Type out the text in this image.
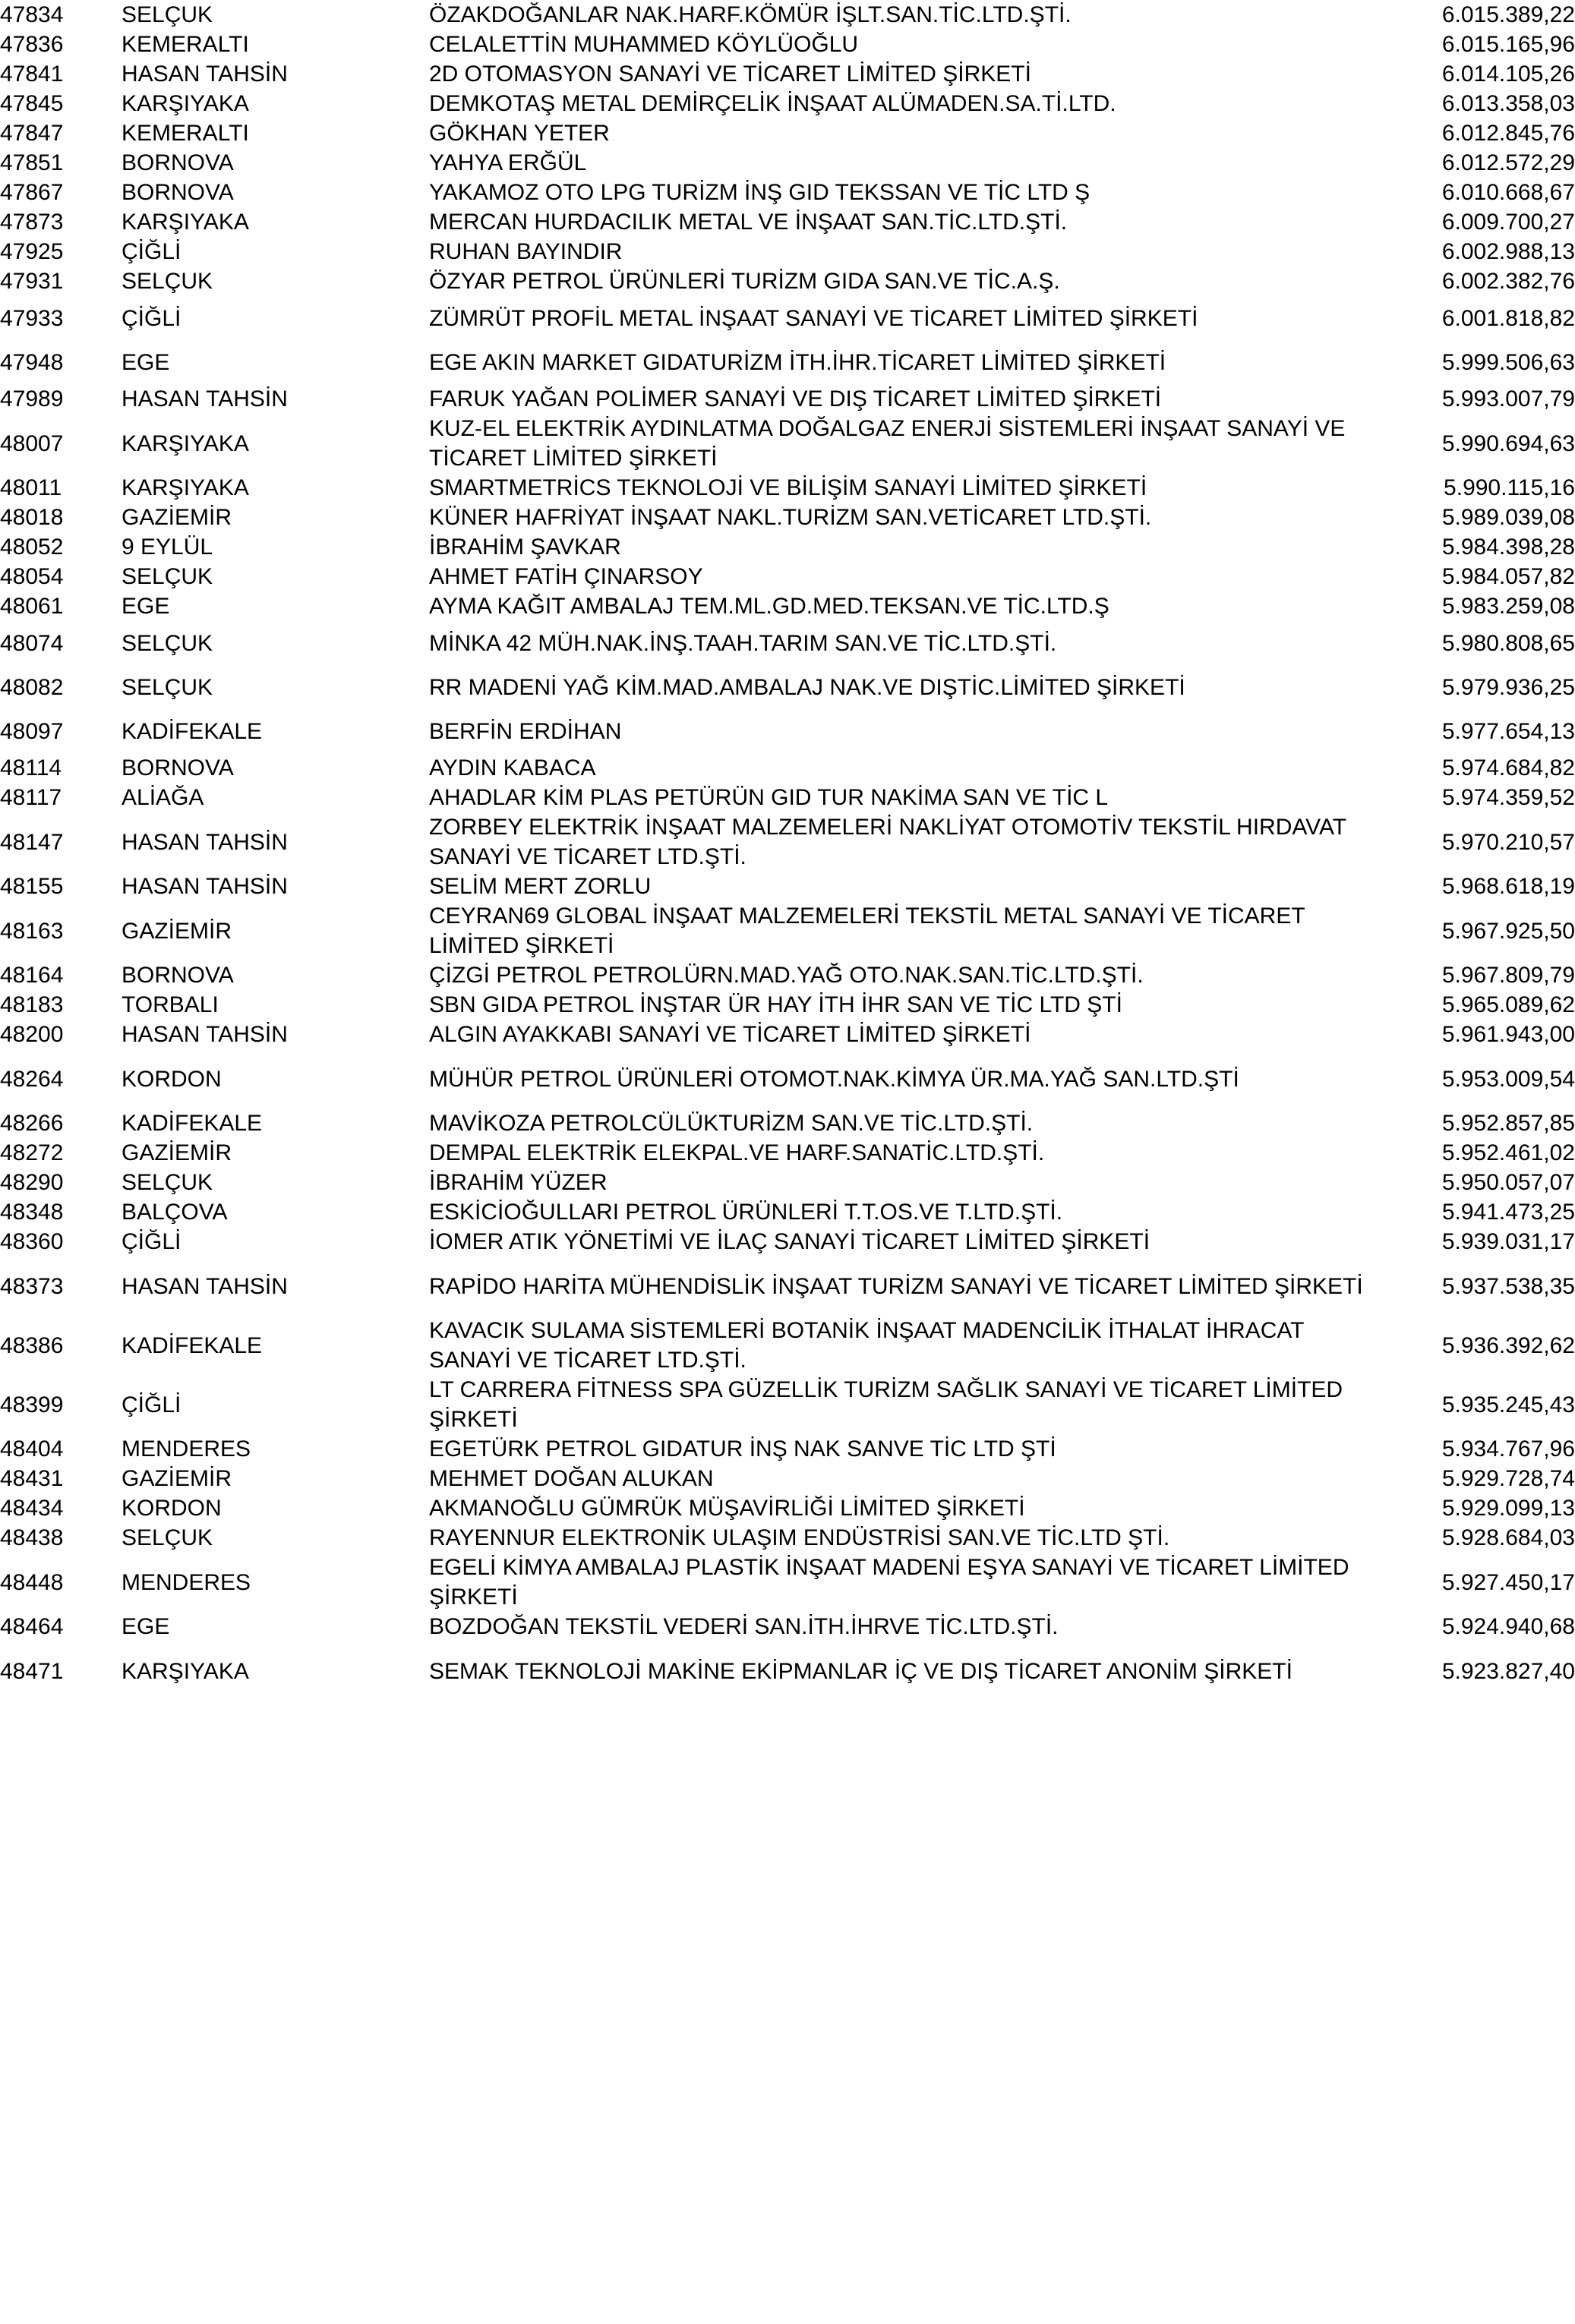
47834	SELÇUK	ÖZAKDOĞANLAR NAK.HARF.KÖMÜR İŞLT.SAN.TİC.LTD.ŞTİ.	6.015.389,22
47836	KEMERALTI	CELALETTİN MUHAMMED KÖYLÜOĞLU	6.015.165,96
47841	HASAN TAHSİN	2D OTOMASYON SANAYİ VE TİCARET LİMİTED ŞİRKETİ	6.014.105,26
47845	KARŞIYAKA	DEMKOTAŞ METAL DEMİRÇELİK İNŞAAT ALÜMADEN.SA.Tİ.LTD.	6.013.358,03
47847	KEMERALTI	GÖKHAN YETER	6.012.845,76
47851	BORNOVA	YAHYA ERĞÜL	6.012.572,29
47867	BORNOVA	YAKAMOZ OTO LPG TURİZM İNŞ GID TEKSSAN VE TİC LTD Ş	6.010.668,67
47873	KARŞIYAKA	MERCAN HURDACILIK METAL VE İNŞAAT SAN.TİC.LTD.ŞTİ.	6.009.700,27
47925	ÇİĞLİ	RUHAN BAYINDIR	6.002.988,13
47931	SELÇUK	ÖZYAR PETROL ÜRÜNLERİ TURİZM GIDA SAN.VE TİC.A.Ş.	6.002.382,76
47933	ÇİĞLİ	ZÜMRÜT PROFİL METAL İNŞAAT SANAYİ VE TİCARET LİMİTED ŞİRKETİ	6.001.818,82
47948	EGE	EGE AKIN MARKET GIDATURİZM İTH.İHR.TİCARET LİMİTED ŞİRKETİ	5.999.506,63
47989	HASAN TAHSİN	FARUK YAĞAN POLİMER SANAYİ VE DIŞ TİCARET LİMİTED ŞİRKETİ	5.993.007,79
48007	KARŞIYAKA	KUZ-EL ELEKTRİK AYDINLATMA DOĞALGAZ ENERJİ SİSTEMLERİ İNŞAAT SANAYİ VE TİCARET LİMİTED ŞİRKETİ	5.990.694,63
48011	KARŞIYAKA	SMARTMETRİCS TEKNOLOJİ VE BİLİŞİM SANAYİ LİMİTED ŞİRKETİ	5.990.115,16
48018	GAZİEMİR	KÜNER HAFRİYAT İNŞAAT NAKL.TURİZM SAN.VETİCARET LTD.ŞTİ.	5.989.039,08
48052	9 EYLÜL	İBRAHİM ŞAVKAR	5.984.398,28
48054	SELÇUK	AHMET FATİH ÇINARSOY	5.984.057,82
48061	EGE	AYMA KAĞIT AMBALAJ TEM.ML.GD.MED.TEKSAN.VE TİC.LTD.Ş	5.983.259,08
48074	SELÇUK	MİNKA 42 MÜH.NAK.İNŞ.TAAH.TARIM SAN.VE TİC.LTD.ŞTİ.	5.980.808,65
48082	SELÇUK	RR MADENİ YAĞ KİM.MAD.AMBALAJ NAK.VE DIŞTİC.LİMİTED ŞİRKETİ	5.979.936,25
48097	KADİFEKALE	BERFİN ERDİHAN	5.977.654,13
48114	BORNOVA	AYDIN KABACA	5.974.684,82
48117	ALİAĞA	AHADLAR KİM PLAS PETÜRÜN GID TUR NAKİMA SAN VE TİC L	5.974.359,52
48147	HASAN TAHSİN	ZORBEY ELEKTRİK İNŞAAT MALZEMELERİ NAKLİYAT OTOMOTİV TEKSTİL HIRDAVAT SANAYİ VE TİCARET LTD.ŞTİ.	5.970.210,57
48155	HASAN TAHSİN	SELİM MERT ZORLU	5.968.618,19
48163	GAZİEMİR	CEYRAN69 GLOBAL İNŞAAT MALZEMELERİ TEKSTİL METAL SANAYİ VE TİCARET LİMİTED ŞİRKETİ	5.967.925,50
48164	BORNOVA	ÇİZGİ PETROL PETROLÜRN.MAD.YAĞ OTO.NAK.SAN.TİC.LTD.ŞTİ.	5.967.809,79
48183	TORBALI	SBN GIDA PETROL İNŞTAR ÜR HAY İTH İHR SAN VE TİC LTD ŞTİ	5.965.089,62
48200	HASAN TAHSİN	ALGIN AYAKKABI SANAYİ VE TİCARET LİMİTED ŞİRKETİ	5.961.943,00
48264	KORDON	MÜHÜR PETROL ÜRÜNLERİ OTOMOT.NAK.KİMYA ÜR.MA.YAĞ SAN.LTD.ŞTİ	5.953.009,54
48266	KADİFEKALE	MAVİKOZA PETROLCÜLÜKTURİZM SAN.VE TİC.LTD.ŞTİ.	5.952.857,85
48272	GAZİEMİR	DEMPAL ELEKTRİK ELEKPAL.VE HARF.SANATİC.LTD.ŞTİ.	5.952.461,02
48290	SELÇUK	İBRAHİM YÜZER	5.950.057,07
48348	BALÇOVA	ESKİCİOĞULLARI PETROL ÜRÜNLERİ T.T.OS.VE T.LTD.ŞTİ.	5.941.473,25
48360	ÇİĞLİ	İOMER ATIK YÖNETİMİ VE İLAÇ SANAYİ TİCARET LİMİTED ŞİRKETİ	5.939.031,17
48373	HASAN TAHSİN	RAPİDO HARİTA MÜHENDİSLİK İNŞAAT TURİZM SANAYİ VE TİCARET LİMİTED ŞİRKETİ	5.937.538,35
48386	KADİFEKALE	KAVACIK SULAMA SİSTEMLERİ BOTANİK İNŞAAT MADENCİLİK İTHALAT İHRACAT SANAYİ VE TİCARET LTD.ŞTİ.	5.936.392,62
48399	ÇİĞLİ	LT CARRERA FİTNESS SPA GÜZELLİK TURİZM SAĞLIK SANAYİ VE TİCARET LİMİTED ŞİRKETİ	5.935.245,43
48404	MENDERES	EGETÜRK PETROL GIDATUR İNŞ NAK SANVE TİC LTD ŞTİ	5.934.767,96
48431	GAZİEMİR	MEHMET DOĞAN ALUKAN	5.929.728,74
48434	KORDON	AKMANOĞLU GÜMRÜK MÜŞAVİRLİĞİ LİMİTED ŞİRKETİ	5.929.099,13
48438	SELÇUK	RAYENNUR ELEKTRONİK ULAŞIM ENDÜSTRİSİ SAN.VE TİC.LTD ŞTİ.	5.928.684,03
48448	MENDERES	EGELİ KİMYA AMBALAJ PLASTİK İNŞAAT MADENİ EŞYA SANAYİ VE TİCARET LİMİTED ŞİRKETİ	5.927.450,17
48464	EGE	BOZDOĞAN TEKSTİL VEDERİ SAN.İTH.İHRVE TİC.LTD.ŞTİ.	5.924.940,68
48471	KARŞIYAKA	SEMAK TEKNOLOJİ MAKİNE EKİPMANLAR İÇ VE DIŞ TİCARET ANONİM ŞİRKETİ	5.923.827,40
